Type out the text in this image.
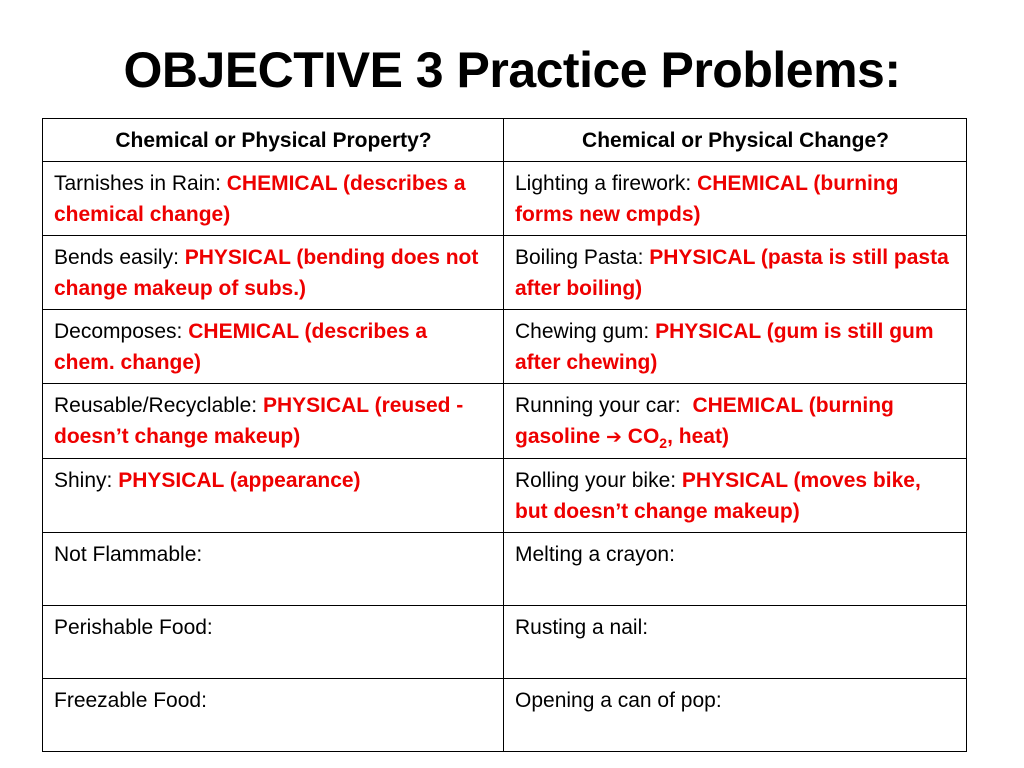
OBJECTIVE 3 Practice Problems:
Chemical or Physical Property?	Chemical or Physical Change?
Tarnishes in Rain: CHEMICAL (describes a chemical change)	Lighting a firework: CHEMICAL (burning forms new cmpds)
Bends easily: PHYSICAL (bending does not change makeup of subs.)	Boiling Pasta: PHYSICAL (pasta is still pasta after boiling)
Decomposes: CHEMICAL (describes a chem. change)	Chewing gum: PHYSICAL (gum is still gum after chewing)
Reusable/Recyclable: PHYSICAL (reused - doesn’t change makeup)	Running your car:  CHEMICAL (burning gasoline ➔ $CO_2$, heat)
Shiny: PHYSICAL (appearance)	Rolling your bike: PHYSICAL (moves bike, but doesn’t change makeup)
Not Flammable:	Melting a crayon:
Perishable Food:	Rusting a nail:
Freezable Food:	Opening a can of pop:
